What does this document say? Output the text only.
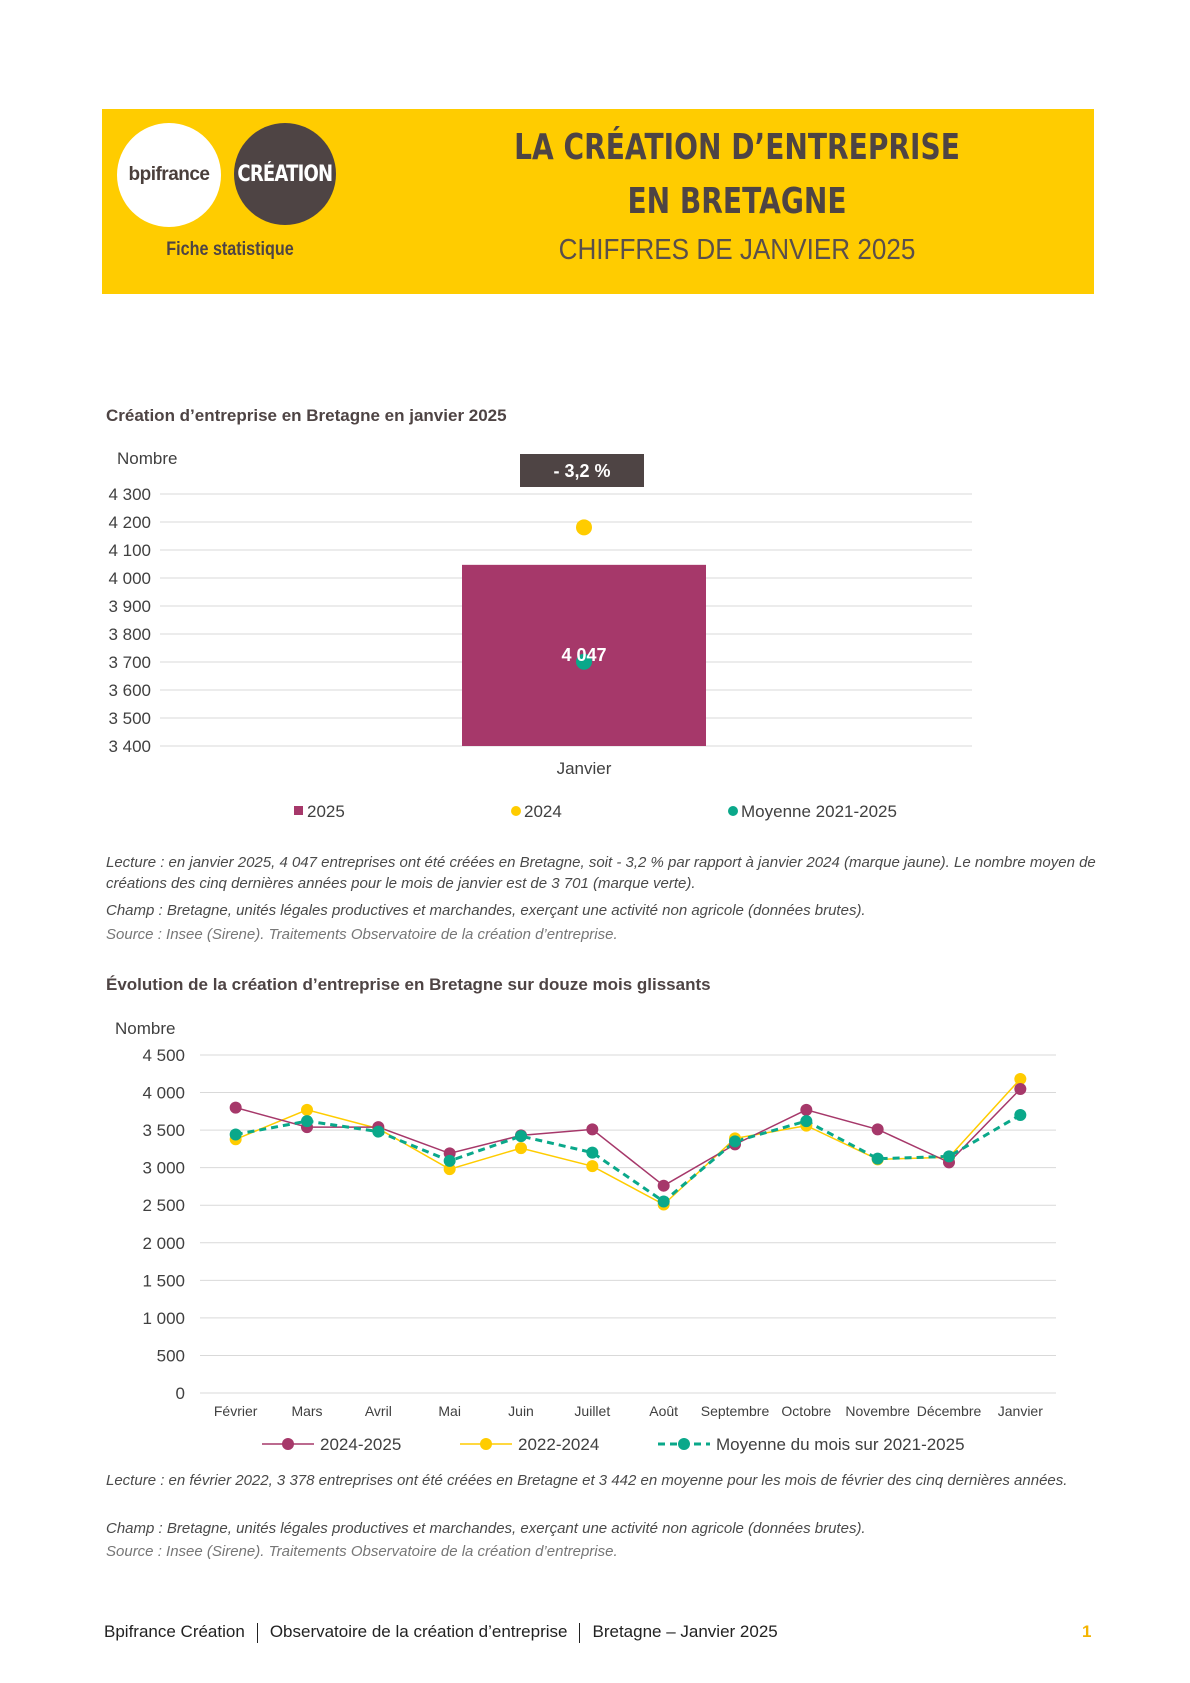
bpifrance CRÉATION
Fiche statistique
LA CRÉATION D’ENTREPRISE
EN BRETAGNE
CHIFFRES DE JANVIER 2025
Création d’entreprise en Bretagne en janvier 2025
Nombre
3 400
3 500
3 600
3 700
3 800
3 900
4 000
4 100
4 200
4 300
- 3,2 %
4 047
Janvier
2025	2024	Moyenne 2021-2025
Lecture : en janvier 2025, 4 047 entreprises ont été créées en Bretagne, soit - 3,2 % par rapport à janvier 2024 (marque jaune). Le nombre moyen de créations des cinq dernières années pour le mois de janvier est de 3 701 (marque verte).
Champ : Bretagne, unités légales productives et marchandes, exerçant une activité non agricole (données brutes).
Source : Insee (Sirene). Traitements Observatoire de la création d’entreprise.
Évolution de la création d’entreprise en Bretagne sur douze mois glissants
Nombre
0
500
1 000
1 500
2 000
2 500
3 000
3 500
4 000
4 500
Février Mars	Avril	Mai	Juin	Juillet	Août Septembre Octobre Novembre Décembre Janvier
2024-2025	2022-2024	Moyenne du mois sur 2021-2025
Lecture : en février 2022, 3 378 entreprises ont été créées en Bretagne et 3 442 en moyenne pour les mois de février des cinq dernières années.
Champ : Bretagne, unités légales productives et marchandes, exerçant une activité non agricole (données brutes).
Source : Insee (Sirene). Traitements Observatoire de la création d’entreprise.
Bpifrance Création Observatoire de la création d’entreprise Bretagne – Janvier 2025	1
